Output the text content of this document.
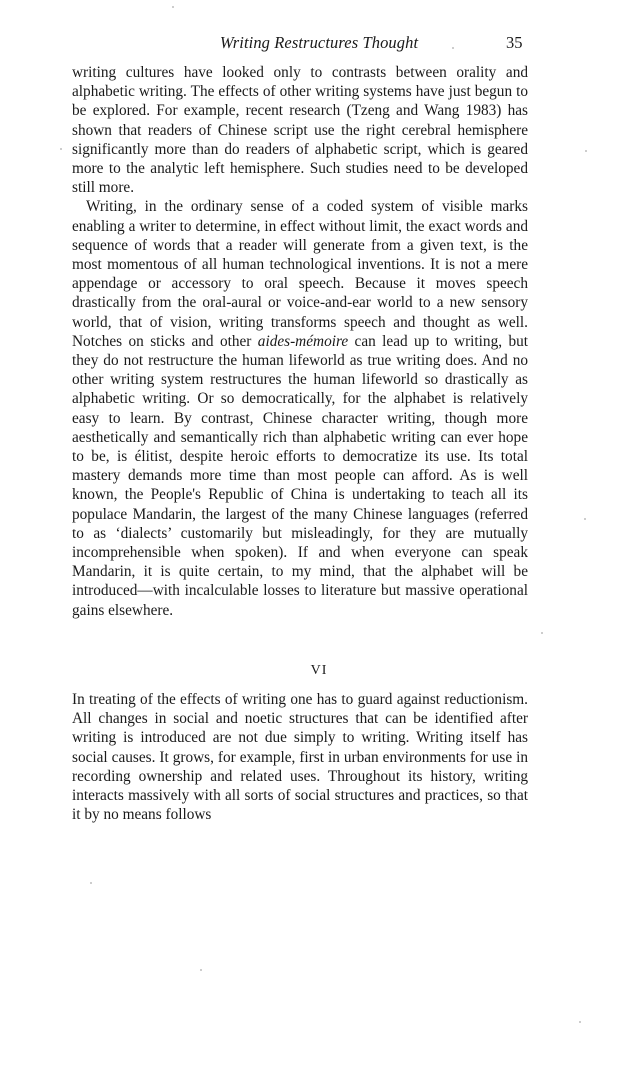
Writing Restructures Thought	35

writing cultures have looked only to contrasts between orality and alphabetic writing. The effects of other writing systems have just begun to be explored. For example, recent research (Tzeng and Wang 1983) has shown that readers of Chinese script use the right cerebral hemisphere significantly more than do readers of alphabetic script, which is geared more to the analytic left hemisphere. Such studies need to be developed still more.

Writing, in the ordinary sense of a coded system of visible marks enabling a writer to determine, in effect without limit, the exact words and sequence of words that a reader will generate from a given text, is the most momentous of all human technological inventions. It is not a mere appendage or accessory to oral speech. Because it moves speech drastically from the oral-aural or voice-and-ear world to a new sensory world, that of vision, writing transforms speech and thought as well. Notches on sticks and other aides-mémoire can lead up to writing, but they do not restructure the human lifeworld as true writing does. And no other writing system restructures the human lifeworld so drastically as alphabetic writing. Or so democratically, for the alphabet is relatively easy to learn. By contrast, Chinese character writing, though more aesthetically and semantically rich than alphabetic writing can ever hope to be, is élitist, despite heroic efforts to democratize its use. Its total mastery demands more time than most people can afford. As is well known, the People's Republic of China is undertaking to teach all its populace Mandarin, the largest of the many Chinese languages (referred to as ‘dialects’ customarily but misleadingly, for they are mutually incomprehensible when spoken). If and when everyone can speak Mandarin, it is quite certain, to my mind, that the alphabet will be introduced—with incalculable losses to literature but massive operational gains elsewhere.

VI

In treating of the effects of writing one has to guard against reductionism. All changes in social and noetic structures that can be identified after writing is introduced are not due simply to writing. Writing itself has social causes. It grows, for example, first in urban environments for use in recording ownership and related uses. Throughout its history, writing interacts massively with all sorts of social structures and practices, so that it by no means follows
